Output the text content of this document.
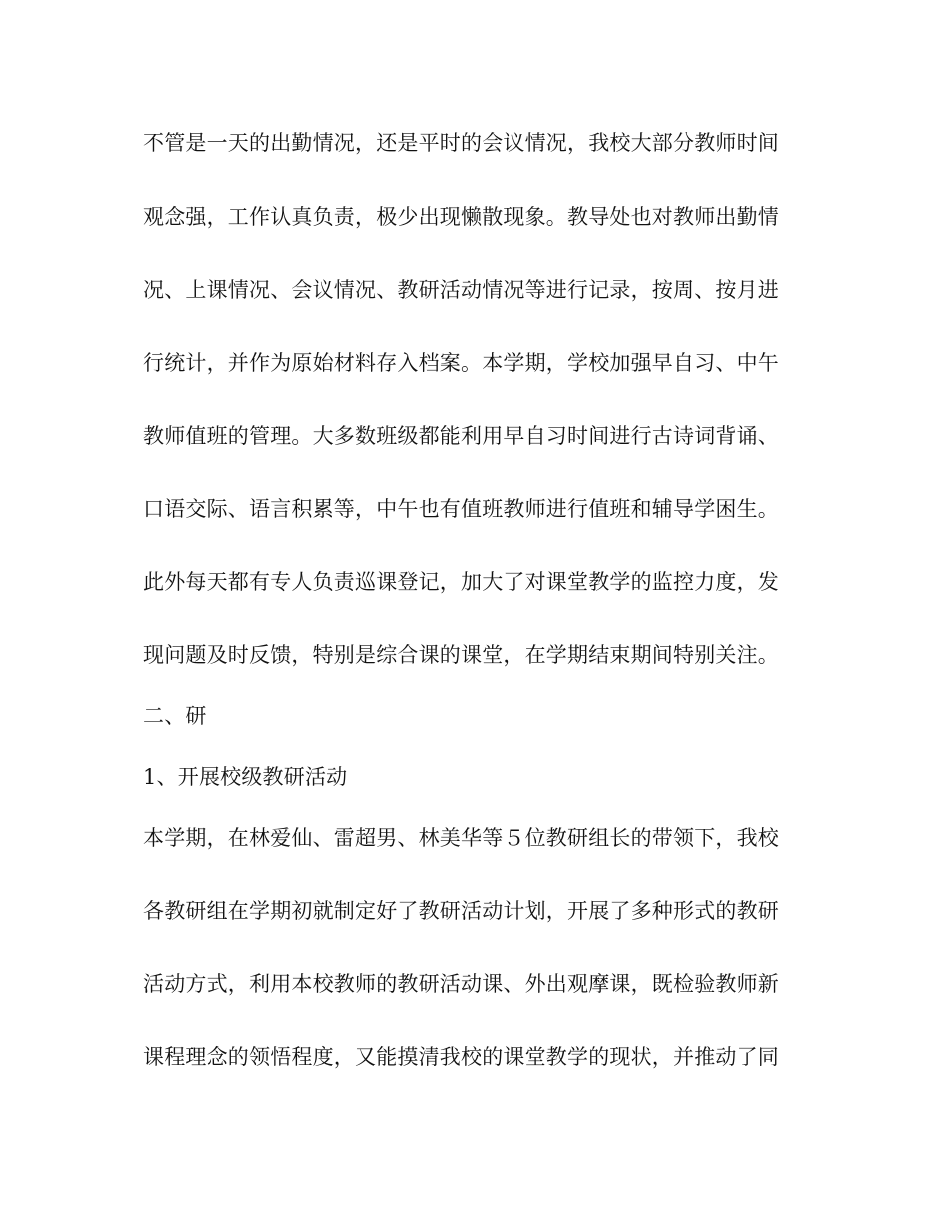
不管是一天的出勤情况，还是平时的会议情况，我校大部分教师时间
观念强，工作认真负责，极少出现懒散现象。教导处也对教师出勤情
况、上课情况、会议情况、教研活动情况等进行记录，按周、按月进
行统计，并作为原始材料存入档案。本学期，学校加强早自习、中午
教师值班的管理。大多数班级都能利用早自习时间进行古诗词背诵、
口语交际、语言积累等，中午也有值班教师进行值班和辅导学困生。
此外每天都有专人负责巡课登记，加大了对课堂教学的监控力度，发
现问题及时反馈，特别是综合课的课堂，在学期结束期间特别关注。
二、研
1、开展校级教研活动
本学期，在林爱仙、雷超男、林美华等５位教研组长的带领下，我校
各教研组在学期初就制定好了教研活动计划，开展了多种形式的教研
活动方式，利用本校教师的教研活动课、外出观摩课，既检验教师新
课程理念的领悟程度，又能摸清我校的课堂教学的现状，并推动了同
